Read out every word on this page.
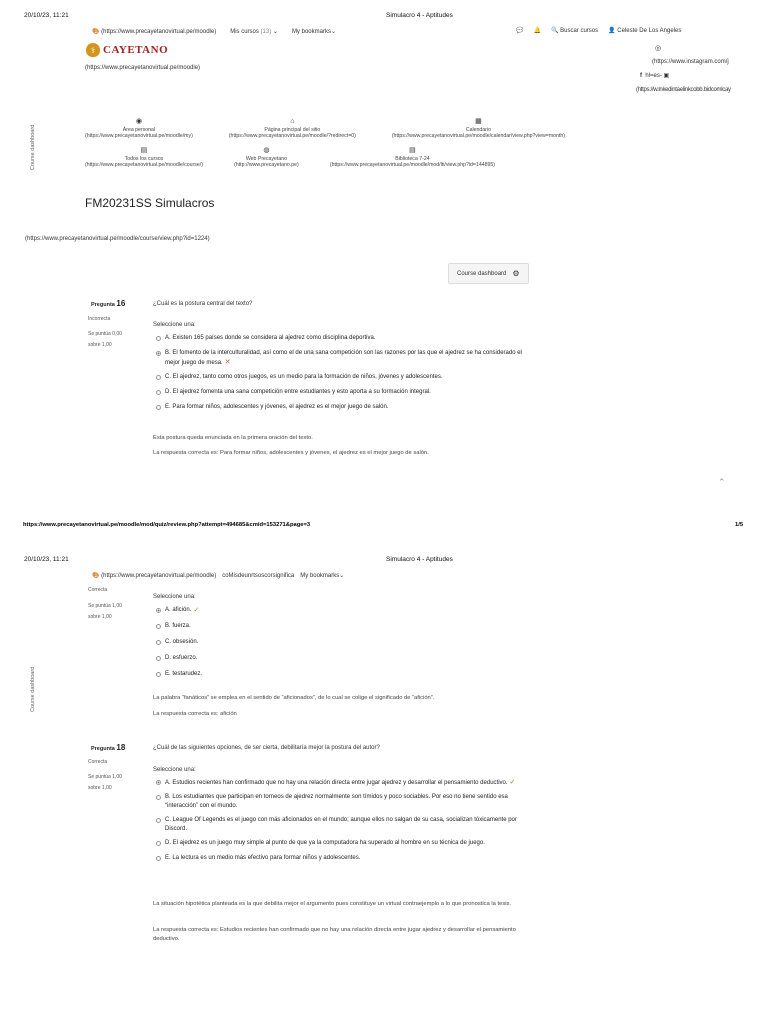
20/10/23, 11:21	Simulacro 4 - Aptitudes
🎨 (https://www.precayetanovirtual.pe/moodle) Mis cursos (13) ⌄ My bookmarks⌄	💬 🔔 🔍 Buscar cursos 👤 Celeste De Los Angeles
⚕ CAYETANO
(https://www.precayetanovirtual.pe/moodle)
◎
(https://www.instagram.com/j
f hl=es- ▣
(https://w.lnkedintaelinkcobb.bidcomlcay
Course dashboard
◉
Área personal
(https://www.precayetanovirtual.pe/moodle/my)
⌂
Página principal del sitio
(https://www.precayetanovirtual.pe/moodle/?redirect=0)
▦
Calendario
(https://www.precayetanovirtual.pe/moodle/calendar/view.php?view=month)
▤
Todos los cursos
(https://www.precayetanovirtual.pe/moodle/course/)
◍
Web Precayetano
(http://www.precayetano.pe)
▤
Biblioteca 7-24
(https://www.precayetanovirtual.pe/moodle/mod/lti/view.php?id=144895)
FM20231SS Simulacros
(https://www.precayetanovirtual.pe/moodle/course/view.php?id=1224)
Course dashboard ⚙
Pregunta 16
Incorrecta
Se puntúa 0,00
sobre 1,00
¿Cuál es la postura central del texto?
Seleccione una:
A. Existen 165 países donde se considera al ajedrez como disciplina deportiva.
B. El fomento de la interculturalidad, así como el de una sana competición son las razones por las que el ajedrez se ha considerado el mejor juego de mesa. ✕
C. El ajedrez, tanto como otros juegos, es un medio para la formación de niños, jóvenes y adolescentes.
D. El ajedrez fomenta una sana competición entre estudiantes y esto aporta a su formación integral.
E. Para formar niños, adolescentes y jóvenes, el ajedrez es el mejor juego de salón.
Esta postura queda enunciada en la primera oración del texto.
La respuesta correcta es: Para formar niños, adolescentes y jóvenes, el ajedrez es el mejor juego de salón.
⌃
https://www.precayetanovirtual.pe/moodle/mod/quiz/review.php?attempt=494685&cmid=153271&page=3	1/5
20/10/23, 11:21	Simulacro 4 - Aptitudes
🎨 (https://www.precayetanovirtual.pe/moodle) coMisdeunrtsoscorsignifica My bookmarks⌄
Course dashboard
Correcta
Se puntúa 1,00
sobre 1,00
Seleccione una:
A. afición. ✓
B. fuerza.
C. obsesión.
D. esfuerzo.
E. testarudez.
La palabra “fanáticos” se emplea en el sentido de “aficionados”, de lo cual se colige el significado de “afición”.
La respuesta correcta es: afición
Pregunta 18
Correcta
Se puntúa 1,00
sobre 1,00
¿Cuál de las siguientes opciones, de ser cierta, debilitaría mejor la postura del autor?
Seleccione una:
A. Estudios recientes han confirmado que no hay una relación directa entre jugar ajedrez y desarrollar el pensamiento deductivo. ✓
B. Los estudiantes que participan en torneos de ajedrez normalmente son tímidos y poco sociables. Por eso no tiene sentido esa “interacción” con el mundo.
C. League Of Legends es el juego con más aficionados en el mundo; aunque ellos no salgan de su casa, socializan tóxicamente por Discord.
D. El ajedrez es un juego muy simple al punto de que ya la computadora ha superado al hombre en su técnica de juego.
E. La lectura es un medio más efectivo para formar niños y adolescentes.
La situación hipotética planteada es la que debilita mejor el argumento pues constituye un virtual contraejemplo a lo que pronostica la tesis.
La respuesta correcta es: Estudios recientes han confirmado que no hay una relación directa entre jugar ajedrez y desarrollar el pensamiento deductivo.
